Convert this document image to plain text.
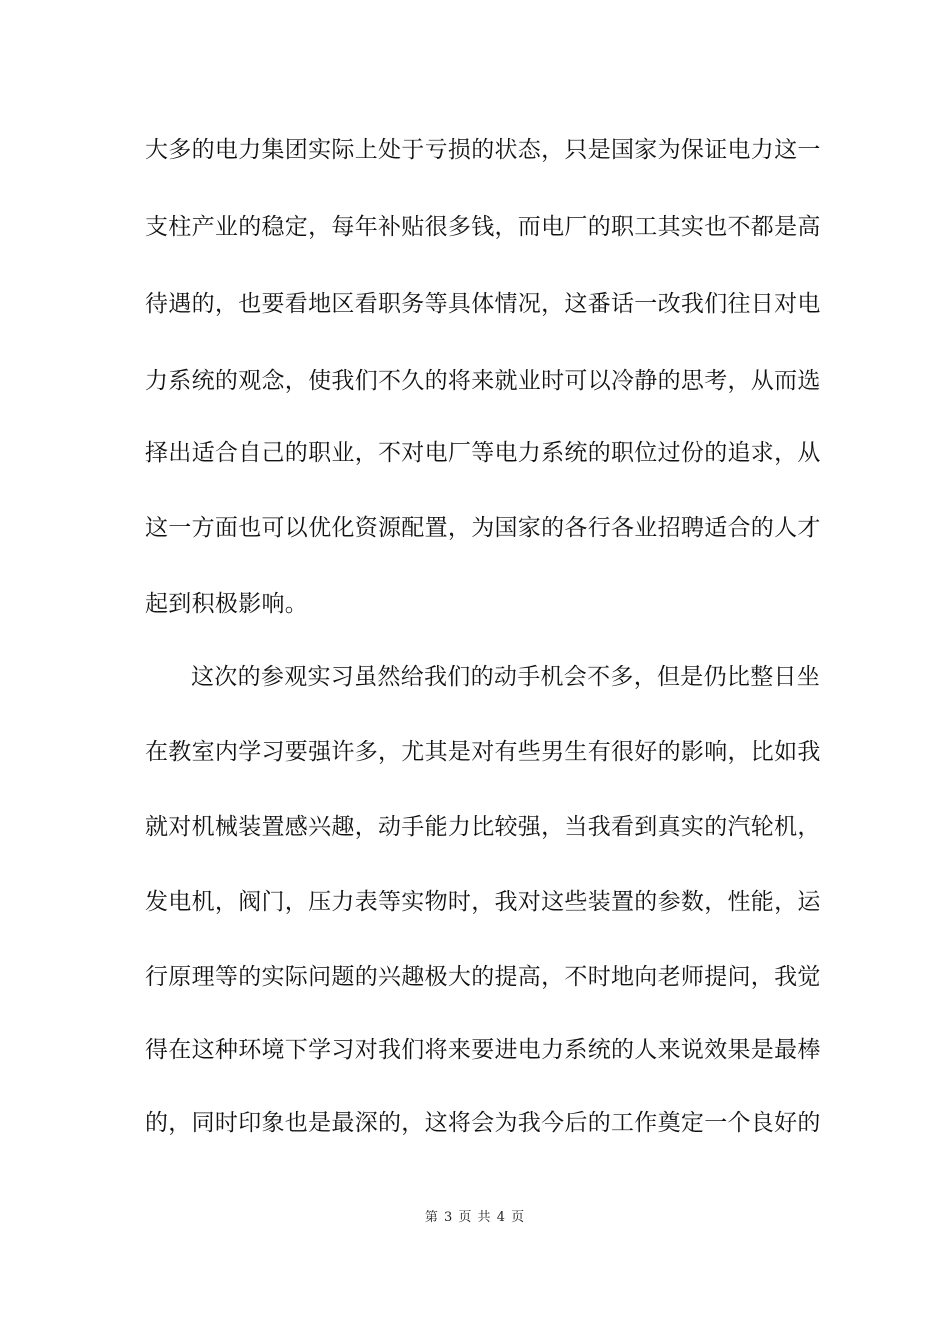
大多的电力集团实际上处于亏损的状态，只是国家为保证电力这一
支柱产业的稳定，每年补贴很多钱，而电厂的职工其实也不都是高
待遇的，也要看地区看职务等具体情况，这番话一改我们往日对电
力系统的观念，使我们不久的将来就业时可以冷静的思考，从而选
择出适合自己的职业，不对电厂等电力系统的职位过份的追求，从
这一方面也可以优化资源配置，为国家的各行各业招聘适合的人才
起到积极影响。
这次的参观实习虽然给我们的动手机会不多，但是仍比整日坐
在教室内学习要强许多，尤其是对有些男生有很好的影响，比如我
就对机械装置感兴趣，动手能力比较强，当我看到真实的汽轮机，
发电机，阀门，压力表等实物时，我对这些装置的参数，性能，运
行原理等的实际问题的兴趣极大的提高，不时地向老师提问，我觉
得在这种环境下学习对我们将来要进电力系统的人来说效果是最棒
的，同时印象也是最深的，这将会为我今后的工作奠定一个良好的
第 3 页 共 4 页
